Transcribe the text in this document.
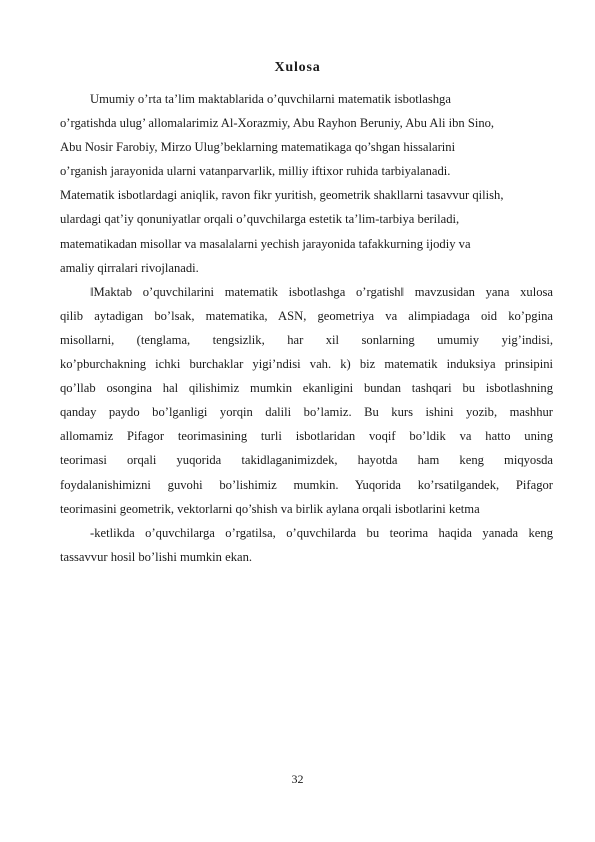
Xulosa
Umumiy o’rta ta’lim maktablarida o’quvchilarni matematik isbotlashga
o’rgatishda ulug’ allomalarimiz Al-Xorazmiy, Abu Rayhon Beruniy, Abu Ali ibn Sino,
Abu Nosir Farobiy, Mirzo Ulug’beklarning matematikaga qo’shgan hissalarini
o’rganish jarayonida ularni vatanparvarlik, milliy iftixor ruhida tarbiyalanadi.
Matematik isbotlardagi aniqlik, ravon fikr yuritish, geometrik shakllarni tasavvur qilish,
ulardagi qat’iy qonuniyatlar orqali o’quvchilarga estetik ta’lim-tarbiya beriladi,
matematikadan misollar va masalalarni yechish jarayonida tafakkurning ijodiy va
amaliy qirralari rivojlanadi.
‖Maktab o’quvchilarini matematik isbotlashga o’rgatish‖ mavzusidan yana xulosa
qilib aytadigan bo’lsak, matematika, ASN, geometriya va alimpiadaga oid ko’pgina
misollarni, (tenglama, tengsizlik, har xil sonlarning umumiy yig’indisi,
ko’pburchakning ichki burchaklar yigi’ndisi vah. k) biz matematik induksiya prinsipini
qo’llab osongina hal qilishimiz mumkin ekanligini bundan tashqari bu isbotlashning
qanday paydo bo’lganligi yorqin dalili bo’lamiz. Bu kurs ishini yozib, mashhur
allomamiz Pifagor teorimasining turli isbotlaridan voqif bo’ldik va hatto uning
teorimasi orqali yuqorida takidlaganimizdek, hayotda ham keng miqyosda
foydalanishimizni guvohi bo’lishimiz mumkin. Yuqorida ko’rsatilgandek, Pifagor
teorimasini geometrik, vektorlarni qo’shish va birlik aylana orqali isbotlarini ketma
-ketlikda o’quvchilarga o’rgatilsa, o’quvchilarda bu teorima haqida yanada keng
tassavvur hosil bo’lishi mumkin ekan.
32
